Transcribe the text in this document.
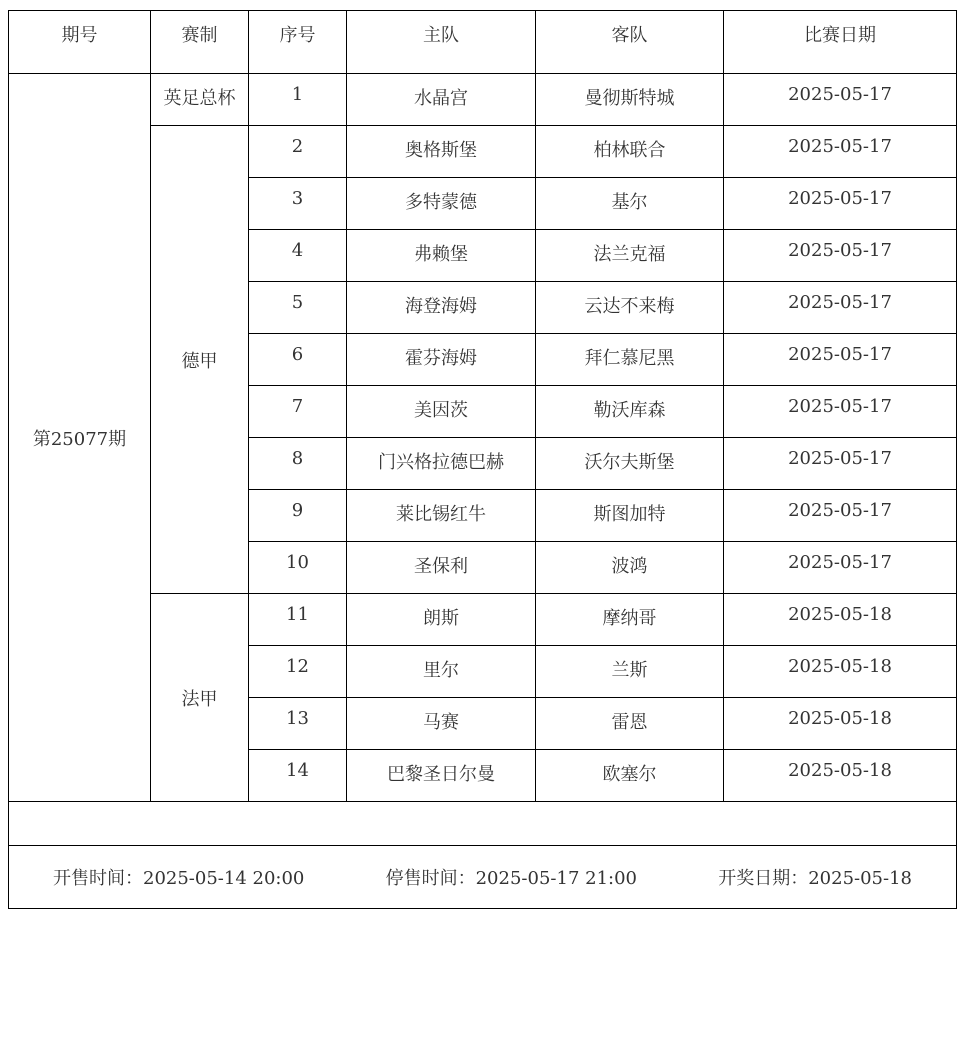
期号	赛制	序号	主队	客队	比赛日期
第25077期	英足总杯	1	水晶宫	曼彻斯特城	2025-05-17
	德甲	2	奥格斯堡	柏林联合	2025-05-17
		3	多特蒙德	基尔	2025-05-17
		4	弗赖堡	法兰克福	2025-05-17
		5	海登海姆	云达不来梅	2025-05-17
		6	霍芬海姆	拜仁慕尼黑	2025-05-17
		7	美因茨	勒沃库森	2025-05-17
		8	门兴格拉德巴赫	沃尔夫斯堡	2025-05-17
		9	莱比锡红牛	斯图加特	2025-05-17
		10	圣保利	波鸿	2025-05-17
	法甲	11	朗斯	摩纳哥	2025-05-18
		12	里尔	兰斯	2025-05-18
		13	马赛	雷恩	2025-05-18
		14	巴黎圣日尔曼	欧塞尔	2025-05-18

开售时间：2025-05-14 20:00 停售时间：2025-05-17 21:00 开奖日期：2025-05-18					
